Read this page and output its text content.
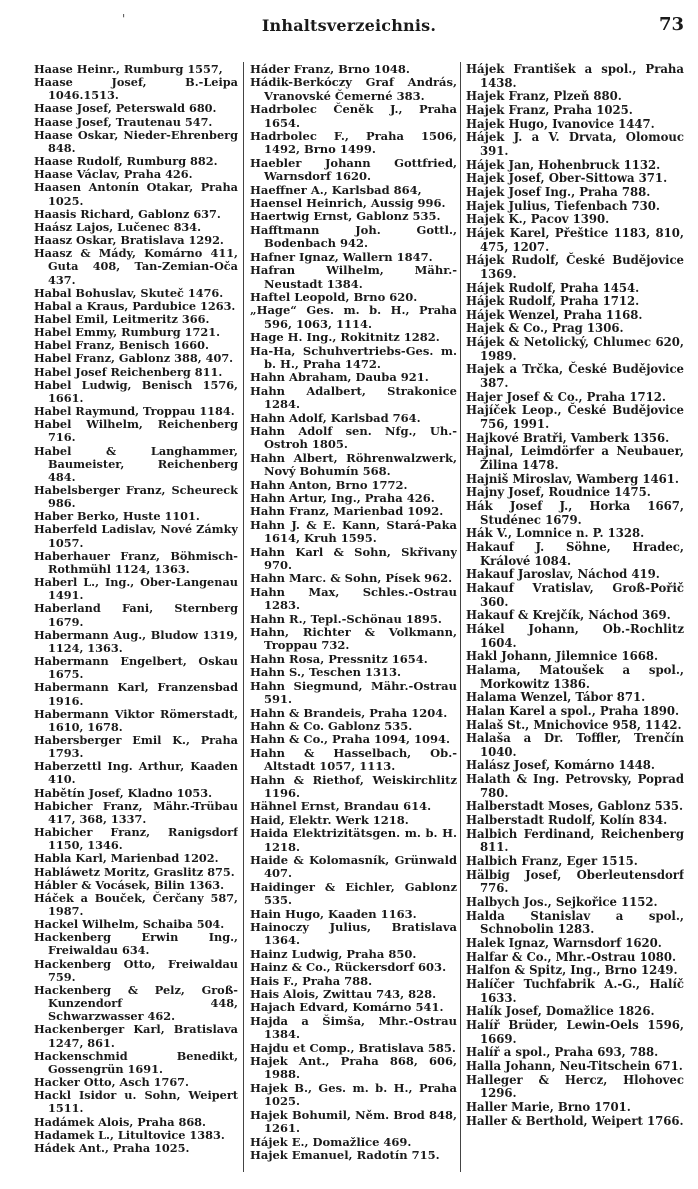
'	Inhaltsverzeichnis.	73

Haase Heinr., Rumburg 1557,

Haase Josef, B.-Leipa 1046.1513.

Haase Josef, Peterswald 680.

Haase Josef, Trautenau 547.

Haase Oskar, Nieder-Ehrenberg 848.

Haase Rudolf, Rumburg 882.

Haase Václav, Praha 426.

Haasen Antonín Otakar, Praha 1025.

Haasis Richard, Gablonz 637.

Haász Lajos, Lučenec 834.

Haasz Oskar, Bratislava 1292.

Haasz & Mády, Komárno 411, Guta 408, Tan-Zemian-Oča 437.

Habal Bohuslav, Skuteč 1476.

Habal a Kraus, Pardubice 1263.

Habel Emil, Leitmeritz 366.

Habel Emmy, Rumburg 1721.

Habel Franz, Benisch 1660.

Habel Franz, Gablonz 388, 407.

Habel Josef Reichenberg 811.

Habel Ludwig, Benisch 1576, 1661.

Habel Raymund, Troppau 1184.

Habel Wilhelm, Reichenberg 716.

Habel & Langhammer, Baumeister, Reichenberg 484.

Habelsberger Franz, Scheureck 986.

Haber Berko, Huste 1101.

Haberfeld Ladislav, Nové Zámky 1057.

Haberhauer Franz, Böhmisch-Rothmühl 1124, 1363.

Haberl L., Ing., Ober-Langenau 1491.

Haberland Fani, Sternberg 1679.

Habermann Aug., Bludow 1319, 1124, 1363.

Habermann Engelbert, Oskau 1675.

Habermann Karl, Franzensbad 1916.

Habermann Viktor Römerstadt, 1610, 1678.

Habersberger Emil K., Praha 1793.

Haberzettl Ing. Arthur, Kaaden 410.

Habětín Josef, Kladno 1053.

Habicher Franz, Mähr.-Trübau 417, 368, 1337.

Habicher Franz, Ranigsdorf 1150, 1346.

Habla Karl, Marienbad 1202.

Habláwetz Moritz, Graslitz 875.

Hábler & Vocásek, Bilin 1363.

Háček a Bouček, Čerčany 587, 1987.

Hackel Wilhelm, Schaiba 504.

Hackenberg Erwin Ing., Freiwaldau 634.

Hackenberg Otto, Freiwaldau 759.

Hackenberg & Pelz, Groß-Kunzendorf 448, Schwarzwasser 462.

Hackenberger Karl, Bratislava 1247, 861.

Hackenschmid Benedikt, Gossengrün 1691.

Hacker Otto, Asch 1767.

Hackl Isidor u. Sohn, Weipert 1511.

Hadámek Alois, Praha 868.

Hadamek L., Litultovice 1383.

Hádek Ant., Praha 1025.

Háder Franz, Brno 1048.

Hádik-Berkóczy Graf András, Vranovské Čemerné 383.

Hadrbolec Čeněk J., Praha 1654.

Hadrbolec F., Praha 1506, 1492, Brno 1499.

Haebler Johann Gottfried, Warnsdorf 1620.

Haeffner A., Karlsbad 864,

Haensel Heinrich, Aussig 996.

Haertwig Ernst, Gablonz 535.

Hafftmann Joh. Gottl., Bodenbach 942.

Hafner Ignaz, Wallern 1847.

Hafran Wilhelm, Mähr.-Neustadt 1384.

Haftel Leopold, Brno 620.

„Hage“ Ges. m. b. H., Praha 596, 1063, 1114.

Hage H. Ing., Rokitnitz 1282.

Ha-Ha, Schuhvertriebs-Ges. m. b. H., Praha 1472.

Hahn Abraham, Dauba 921.

Hahn Adalbert, Strakonice 1284.

Hahn Adolf, Karlsbad 764.

Hahn Adolf sen. Nfg., Uh.-Ostroh 1805.

Hahn Albert, Röhrenwalzwerk, Nový Bohumín 568.

Hahn Anton, Brno 1772.

Hahn Artur, Ing., Praha 426.

Hahn Franz, Marienbad 1092.

Hahn J. & E. Kann, Stará-Paka 1614, Kruh 1595.

Hahn Karl & Sohn, Skřivany 970.

Hahn Marc. & Sohn, Písek 962.

Hahn Max, Schles.-Ostrau 1283.

Hahn R., Tepl.-Schönau 1895.

Hahn, Richter & Volkmann, Troppau 732.

Hahn Rosa, Pressnitz 1654.

Hahn S., Teschen 1313.

Hahn Siegmund, Mähr.-Ostrau 591.

Hahn & Brandeis, Praha 1204.

Hahn & Co. Gablonz 535.

Hahn & Co., Praha 1094, 1094.

Hahn & Hasselbach, Ob.-Altstadt 1057, 1113.

Hahn & Riethof, Weiskirchlitz 1196.

Hähnel Ernst, Brandau 614.

Haid, Elektr. Werk 1218.

Haida Elektrizitätsgen. m. b. H. 1218.

Haide & Kolomasník, Grünwald 407.

Haidinger & Eichler, Gablonz 535.

Hain Hugo, Kaaden 1163.

Hainoczy Julius, Bratislava 1364.

Hainz Ludwig, Praha 850.

Hainz & Co., Rückersdorf 603.

Hais F., Praha 788.

Hais Alois, Zwittau 743, 828.

Hajach Edvard, Komárno 541.

Hajda a Šimša, Mhr.-Ostrau 1384.

Hajdu et Comp., Bratislava 585.

Hajek Ant., Praha 868, 606, 1988.

Hajek B., Ges. m. b. H., Praha 1025.

Hajek Bohumil, Něm. Brod 848, 1261.

Hájek E., Domažlice 469.

Hajek Emanuel, Radotín 715.

Hájek František a spol., Praha 1438.

Hajek Franz, Plzeň 880.

Hajek Franz, Praha 1025.

Hajek Hugo, Ivanovice 1447.

Hájek J. a V. Drvata, Olomouc 391.

Hájek Jan, Hohenbruck 1132.

Hajek Josef, Ober-Sittowa 371.

Hajek Josef Ing., Praha 788.

Hajek Julius, Tiefenbach 730.

Hajek K., Pacov 1390.

Hájek Karel, Přeštice 1183, 810, 475, 1207.

Hájek Rudolf, České Budějovice 1369.

Hájek Rudolf, Praha 1454.

Hájek Rudolf, Praha 1712.

Hájek Wenzel, Praha 1168.

Hajek & Co., Prag 1306.

Hájek & Netolický, Chlumec 620, 1989.

Hajek a Trčka, České Budějovice 387.

Hajer Josef & Co., Praha 1712.

Hajíček Leop., České Budějovice 756, 1991.

Hajkové Bratři, Vamberk 1356.

Hajnal, Leimdörfer a Neubauer, Žilina 1478.

Hajniš Miroslav, Wamberg 1461.

Hajny Josef, Roudnice 1475.

Hák Josef J., Horka 1667, Studénec 1679.

Hák V., Lomnice n. P. 1328.

Hakauf J. Söhne, Hradec, Králové 1084.

Hakauf Jaroslav, Náchod 419.

Hakauf Vratislav, Groß-Pořič 360.

Hakauf & Krejčík, Náchod 369.

Hákel Johann, Ob.-Rochlitz 1604.

Hakl Johann, Jilemnice 1668.

Halama, Matoušek a spol., Morkowitz 1386.

Halama Wenzel, Tábor 871.

Halan Karel a spol., Praha 1890.

Halaš St., Mnichovice 958, 1142.

Halaša a Dr. Toffler, Trenčín 1040.

Halász Josef, Komárno 1448.

Halath & Ing. Petrovsky, Poprad 780.

Halberstadt Moses, Gablonz 535.

Halberstadt Rudolf, Kolín 834.

Halbich Ferdinand, Reichenberg 811.

Halbich Franz, Eger 1515.

Hälbig Josef, Oberleutensdorf 776.

Halbych Jos., Sejkořice 1152.

Halda Stanislav a spol., Schnobolin 1283.

Halek Ignaz, Warnsdorf 1620.

Halfar & Co., Mhr.-Ostrau 1080.

Halfon & Spitz, Ing., Brno 1249.

Halíčer Tuchfabrik A.-G., Halíč 1633.

Halík Josef, Domažlice 1826.

Halíř Brüder, Lewin-Oels 1596, 1669.

Halíř a spol., Praha 693, 788.

Halla Johann, Neu-Titschein 671.

Halleger & Hercz, Hlohovec 1296.

Haller Marie, Brno 1701.

Haller & Berthold, Weipert 1766.
